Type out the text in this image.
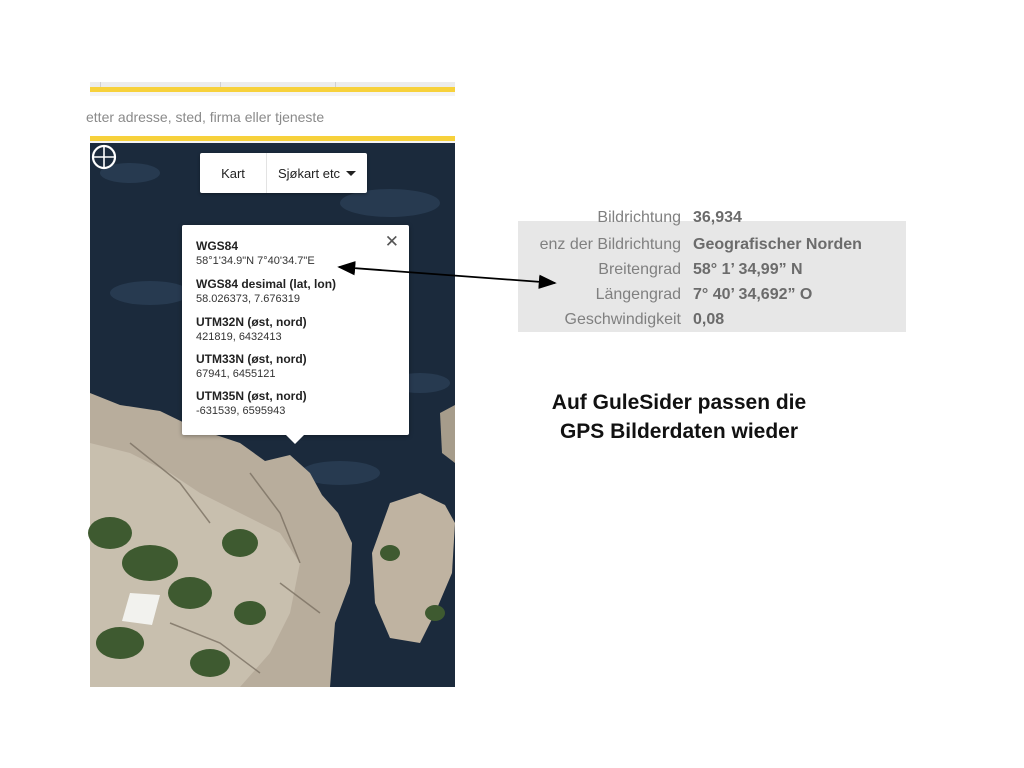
etter adresse, sted, firma eller tjeneste
Kart	Sjøkart etc
✕
WGS84
58°1'34.9"N 7°40'34.7"E
WGS84 desimal (lat, lon)
58.026373, 7.676319
UTM32N (øst, nord)
421819, 6432413
UTM33N (øst, nord)
67941, 6455121
UTM35N (øst, nord)
-631539, 6595943
Bildrichtung 36,934
enz der Bildrichtung Geografischer Norden
Breitengrad 58° 1’ 34,99” N
Längengrad 7° 40’ 34,692” O
Geschwindigkeit 0,08
Auf GuleSider passen die
GPS Bilderdaten wieder
